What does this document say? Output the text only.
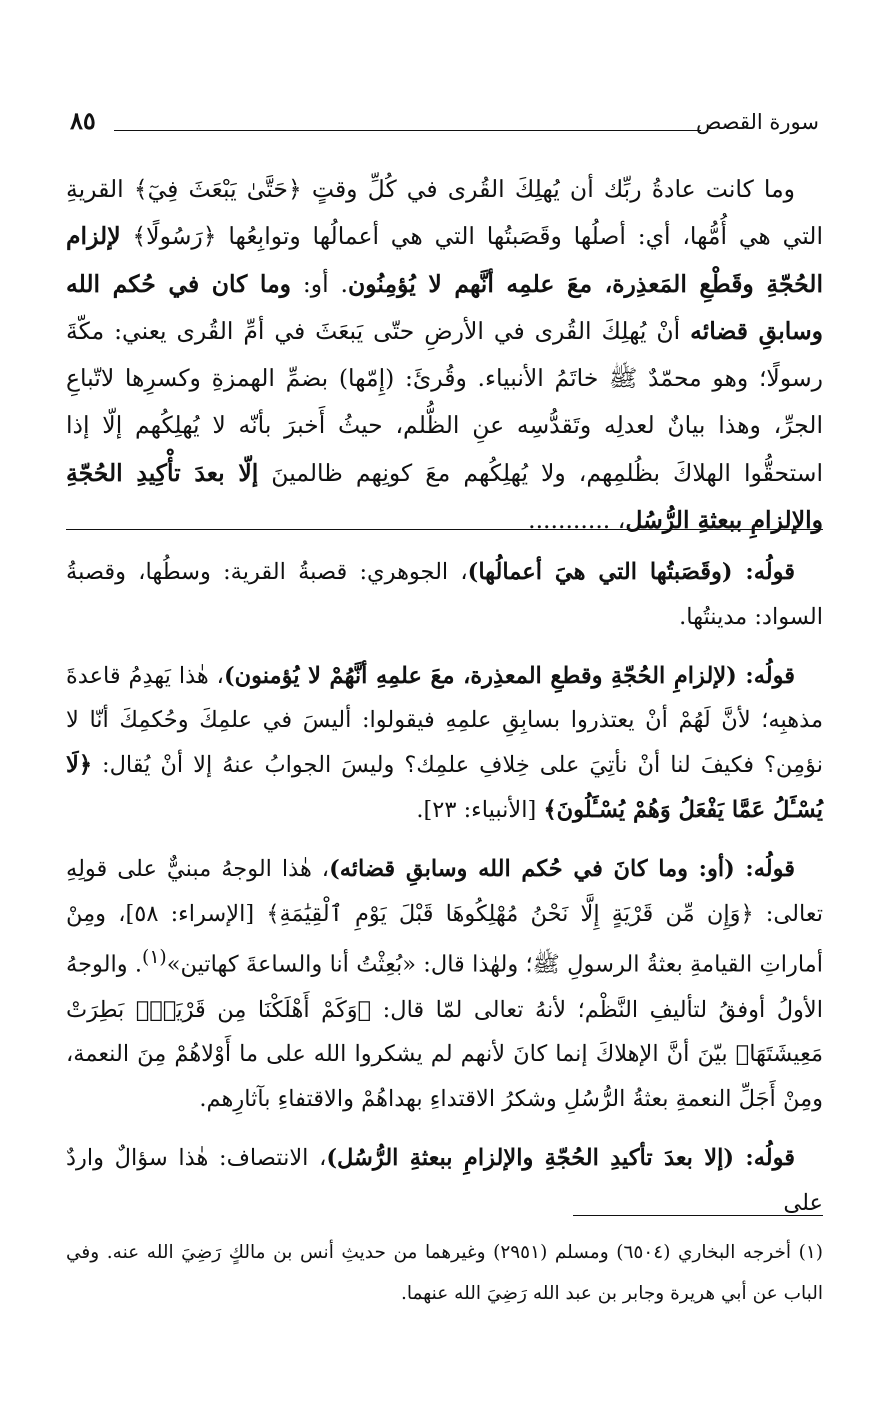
سورة القصص
٨٥

وما كانت عادةُ ربِّك أن يُهلِكَ القُرى في كُلِّ وقتٍ ﴿حَتَّىٰ يَبْعَثَ فِيٓ﴾ القريةِ التي هي أُمُّها، أي: أصلُها وقَصَبتُها التي هي أعمالُها وتوابِعُها ﴿رَسُولًا﴾ لإلزام الحُجّةِ وقَطْعِ المَعذِرة، معَ علمِه أنَّهم لا يُؤمِنُون. أو: وما كان في حُكم الله وسابقِ قضائه أنْ يُهلِكَ القُرى في الأرضِ حتّى يَبعَثَ في أمِّ القُرى يعني: مكّةَ رسولًا؛ وهو محمّدٌ ﷺ خاتَمُ الأنبياء. وقُرئَ: (إِمّها) بضمِّ الهمزةِ وكسرِها لاتّباعِ الجرِّ، وهذا بيانٌ لعدلِه وتَقدُّسِه عنِ الظُّلم، حيثُ أَخبرَ بأنّه لا يُهلِكُهم إلّا إذا استحقُّوا الهلاكَ بظُلمِهم، ولا يُهلِكُهم معَ كونِهم ظالمينَ إلّا بعدَ تأْكِيدِ الحُجّةِ والإلزامِ ببعثةِ الرُّسُل، ...........

قولُه: (وقَصَبتُها التي هيَ أعمالُها)، الجوهري: قصبةُ القرية: وسطُها، وقصبةُ السواد: مدينتُها.

قولُه: (لإلزامِ الحُجّةِ وقطعِ المعذِرة، معَ علمِهِ أنَّهُمْ لا يُؤمنون)، هٰذا يَهدِمُ قاعدةَ مذهبِه؛ لأنَّ لَهُمْ أنْ يعتذروا بسابِقِ علمِهِ فيقولوا: أليسَ في علمِكَ وحُكمِكَ أنّا لا نؤمِن؟ فكيفَ لنا أنْ نأتِيَ على خِلافِ علمِك؟ وليسَ الجوابُ عنهُ إلا أنْ يُقال: ﴿لَا يُسْـَٔلُ عَمَّا يَفْعَلُ وَهُمْ يُسْـَٔلُونَ﴾ [الأنبياء: ٢٣].

قولُه: (أو: وما كانَ في حُكم الله وسابقِ قضائه)، هٰذا الوجهُ مبنيٌّ على قولِهِ تعالى: ﴿وَإِن مِّن قَرْيَةٍ إِلَّا نَحْنُ مُهْلِكُوهَا قَبْلَ يَوْمِ ٱلْقِيَٰمَةِ﴾ [الإسراء: ٥٨]، ومِنْ أماراتِ القيامةِ بعثةُ الرسولِ ﷺ؛ ولهٰذا قال: «بُعِثْتُ أنا والساعةَ كهاتين»$^{(١)}$. والوجهُ الأولُ أوفقُ لتأليفِ النَّظْم؛ لأنهُ تعالى لمّا قال: ﴿وَكَمْ أَهْلَكْنَا مِن قَرْيَةٍۭ بَطِرَتْ مَعِيشَتَهَا﴾ بيّنَ أنَّ الإهلاكَ إنما كانَ لأنهم لم يشكروا الله على ما أَوْلاهُمْ مِنَ النعمة، ومِنْ أَجَلِّ النعمةِ بعثةُ الرُّسُلِ وشكرُ الاقتداءِ بهداهُمْ والاقتفاءِ بآثارِهم.

قولُه: (إلا بعدَ تأكيدِ الحُجّةِ والإلزامِ ببعثةِ الرُّسُل)، الانتصاف: هٰذا سؤالٌ واردٌ على

(١) أخرجه البخاري (٦٥٠٤) ومسلم (٢٩٥١) وغيرهما من حديثِ أنس بن مالكٍ رَضِيَ الله عنه. وفي الباب عن أبي هريرة وجابر بن عبد الله رَضِيَ الله عنهما.
